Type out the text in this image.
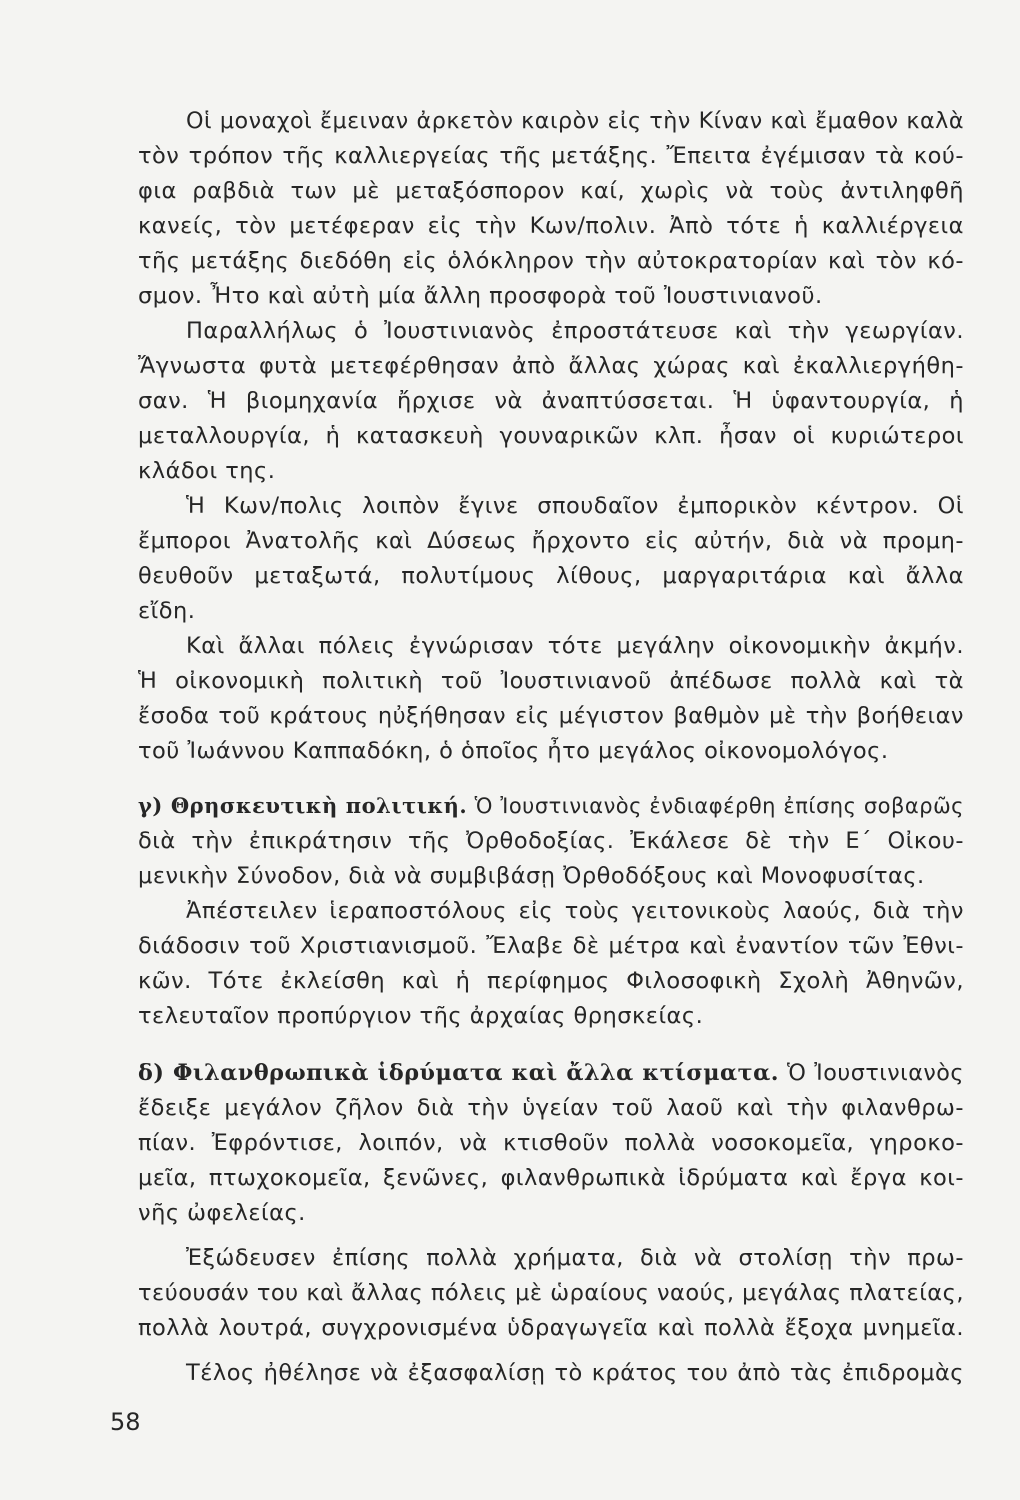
Οἱ μοναχοὶ ἔμειναν ἀρκετὸν καιρὸν εἰς τὴν Κίναν καὶ ἔμαθον καλὰ

τὸν τρόπον τῆς καλλιεργείας τῆς μετάξης. Ἔπειτα ἐγέμισαν τὰ κού-

φια ραβδιὰ των μὲ μεταξόσπορον καί, χωρὶς νὰ τοὺς ἀντιληφθῆ

κανείς, τὸν μετέφεραν εἰς τὴν Κων/πολιν. Ἀπὸ τότε ἡ καλλιέργεια

τῆς μετάξης διεδόθη εἰς ὁλόκληρον τὴν αὐτοκρατορίαν καὶ τὸν κό-

σμον. Ἦτο καὶ αὐτὴ μία ἄλλη προσφορὰ τοῦ Ἰουστινιανοῦ.

Παραλλήλως ὁ Ἰουστινιανὸς ἐπροστάτευσε καὶ τὴν γεωργίαν.

Ἄγνωστα φυτὰ μετεφέρθησαν ἀπὸ ἄλλας χώρας καὶ ἐκαλλιεργήθη-

σαν. Ἡ βιομηχανία ἤρχισε νὰ ἀναπτύσσεται. Ἡ ὑφαντουργία, ἡ

μεταλλουργία, ἡ κατασκευὴ γουναρικῶν κλπ. ἦσαν οἱ κυριώτεροι

κλάδοι της.

Ἡ Κων/πολις λοιπὸν ἔγινε σπουδαῖον ἐμπορικὸν κέντρον. Οἱ

ἔμποροι Ἀνατολῆς καὶ Δύσεως ἤρχοντο εἰς αὐτήν, διὰ νὰ προμη-

θευθοῦν μεταξωτά, πολυτίμους λίθους, μαργαριτάρια καὶ ἄλλα

εἴδη.

Καὶ ἄλλαι πόλεις ἐγνώρισαν τότε μεγάλην οἰκονομικὴν ἀκμήν.

Ἡ οἰκονομικὴ πολιτικὴ τοῦ Ἰουστινιανοῦ ἀπέδωσε πολλὰ καὶ τὰ

ἔσοδα τοῦ κράτους ηὐξήθησαν εἰς μέγιστον βαθμὸν μὲ τὴν βοήθειαν

τοῦ Ἰωάννου Καππαδόκη, ὁ ὁποῖος ἦτο μεγάλος οἰκονομολόγος.

γ) Θρησκευτικὴ πολιτική. Ὁ Ἰουστινιανὸς ἐνδιαφέρθη ἐπίσης σοβαρῶς

διὰ τὴν ἐπικράτησιν τῆς Ὀρθοδοξίας. Ἐκάλεσε δὲ τὴν Ε΄ Οἰκου-

μενικὴν Σύνοδον, διὰ νὰ συμβιβάσῃ Ὀρθοδόξους καὶ Μονοφυσίτας.

Ἀπέστειλεν ἱεραποστόλους εἰς τοὺς γειτονικοὺς λαούς, διὰ τὴν

διάδοσιν τοῦ Χριστιανισμοῦ. Ἔλαβε δὲ μέτρα καὶ ἐναντίον τῶν Ἐθνι-

κῶν. Τότε ἐκλείσθη καὶ ἡ περίφημος Φιλοσοφικὴ Σχολὴ Ἀθηνῶν,

τελευταῖον προπύργιον τῆς ἀρχαίας θρησκείας.

δ) Φιλανθρωπικὰ ἱδρύματα καὶ ἄλλα κτίσματα. Ὁ Ἰουστινιανὸς

ἔδειξε μεγάλον ζῆλον διὰ τὴν ὑγείαν τοῦ λαοῦ καὶ τὴν φιλανθρω-

πίαν. Ἐφρόντισε, λοιπόν, νὰ κτισθοῦν πολλὰ νοσοκομεῖα, γηροκο-

μεῖα, πτωχοκομεῖα, ξενῶνες, φιλανθρωπικὰ ἱδρύματα καὶ ἔργα κοι-

νῆς ὠφελείας.

Ἐξώδευσεν ἐπίσης πολλὰ χρήματα, διὰ νὰ στολίσῃ τὴν πρω-

τεύουσάν του καὶ ἄλλας πόλεις μὲ ὡραίους ναούς, μεγάλας πλατείας,

πολλὰ λουτρά, συγχρονισμένα ὑδραγωγεῖα καὶ πολλὰ ἔξοχα μνημεῖα.

Τέλος ἠθέλησε νὰ ἐξασφαλίσῃ τὸ κράτος του ἀπὸ τὰς ἐπιδρομὰς

58
